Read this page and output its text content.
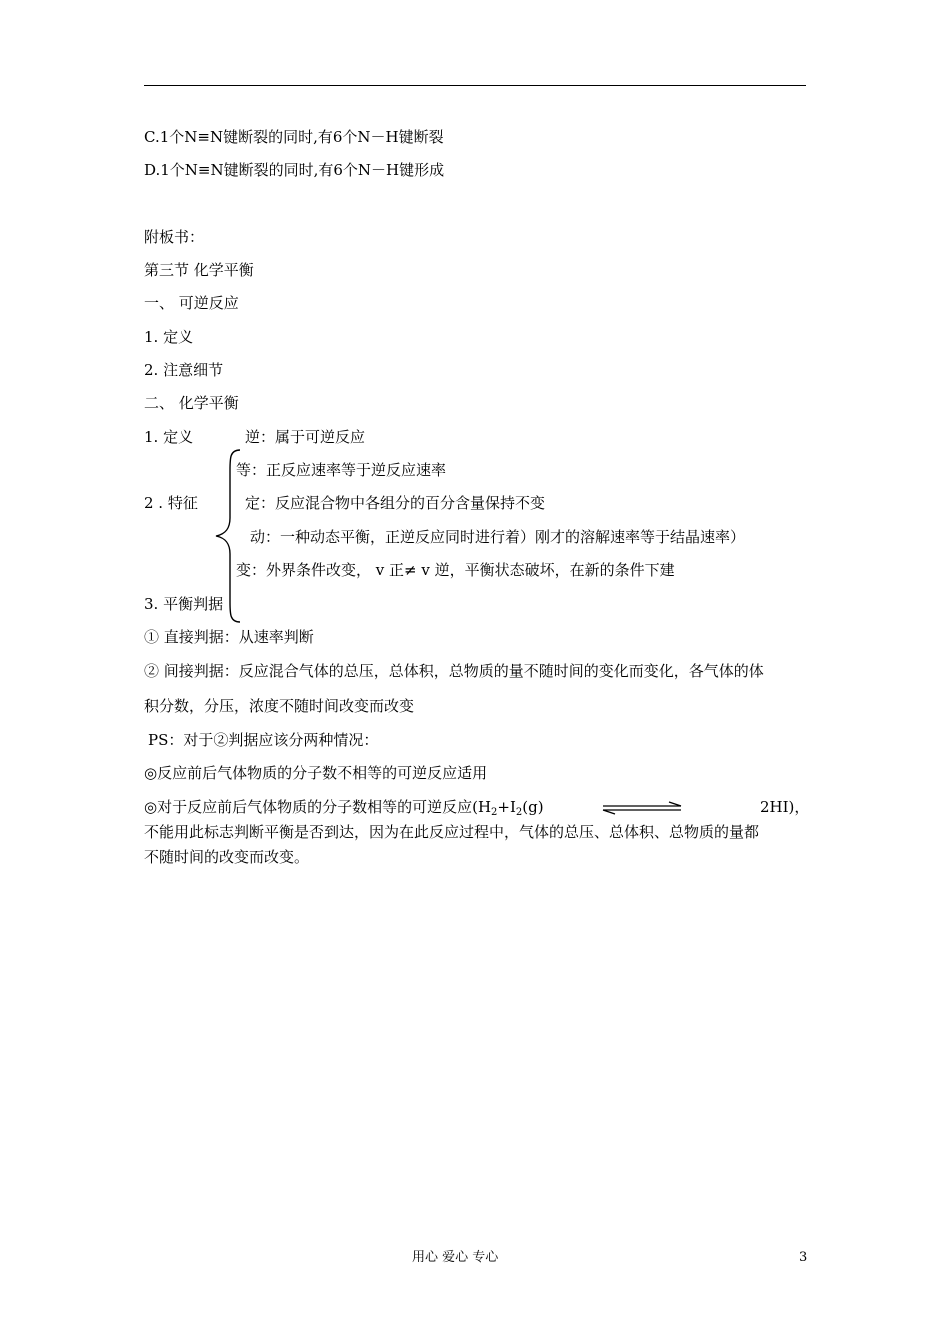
C.1个N≡N键断裂的同时,有6个N－H键断裂
D.1个N≡N键断裂的同时,有6个N－H键形成
附板书：
第三节 化学平衡
一、 可逆反应
1. 定义
2. 注意细节
二、 化学平衡
1. 定义	逆：属于可逆反应
等：正反应速率等于逆反应速率
2 . 特征	定：反应混合物中各组分的百分含量保持不变
动：一种动态平衡，正逆反应同时进行着）刚才的溶解速率等于结晶速率）
变：外界条件改变， v 正≠ v 逆，平衡状态破坏，在新的条件下建
3. 平衡判据
① 直接判据：从速率判断
② 间接判据：反应混合气体的总压，总体积，总物质的量不随时间的变化而变化，各气体的体
积分数，分压，浓度不随时间改变而改变
PS：对于②判据应该分两种情况：
◎反应前后气体物质的分子数不相等的可逆反应适用
◎对于反应前后气体物质的分子数相等的可逆反应($H_2+I_2(g)$	2HI)，
不能用此标志判断平衡是否到达，因为在此反应过程中，气体的总压、总体积、总物质的量都
不随时间的改变而改变。
用心 爱心 专心	3
